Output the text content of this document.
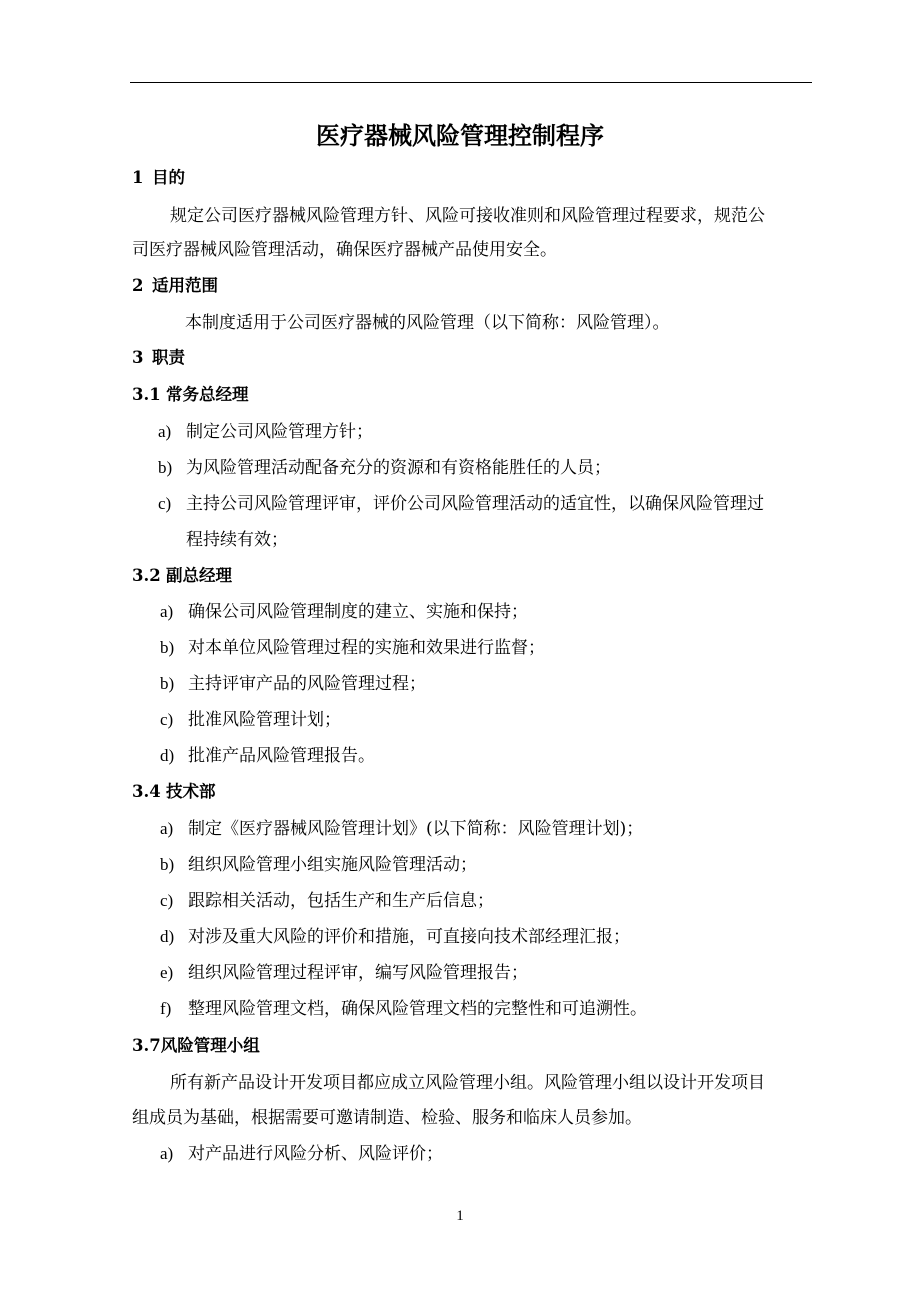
医疗器械风险管理控制程序
1 目的
规定公司医疗器械风险管理方针、风险可接收准则和风险管理过程要求，规范公
司医疗器械风险管理活动，确保医疗器械产品使用安全。
2 适用范围
本制度适用于公司医疗器械的风险管理（以下简称：风险管理）。
3 职责
3.1 常务总经理
a) 制定公司风险管理方针；
b) 为风险管理活动配备充分的资源和有资格能胜任的人员；
c) 主持公司风险管理评审，评价公司风险管理活动的适宜性，以确保风险管理过
程持续有效；
3.2 副总经理
a) 确保公司风险管理制度的建立、实施和保持；
b) 对本单位风险管理过程的实施和效果进行监督；
b) 主持评审产品的风险管理过程；
c) 批准风险管理计划；
d) 批准产品风险管理报告。
3.4 技术部
a) 制定《医疗器械风险管理计划》(以下简称：风险管理计划)；
b) 组织风险管理小组实施风险管理活动；
c) 跟踪相关活动，包括生产和生产后信息；
d) 对涉及重大风险的评价和措施，可直接向技术部经理汇报；
e) 组织风险管理过程评审，编写风险管理报告；
f) 整理风险管理文档，确保风险管理文档的完整性和可追溯性。
3.7风险管理小组
所有新产品设计开发项目都应成立风险管理小组。风险管理小组以设计开发项目
组成员为基础，根据需要可邀请制造、检验、服务和临床人员参加。
a) 对产品进行风险分析、风险评价；
1
